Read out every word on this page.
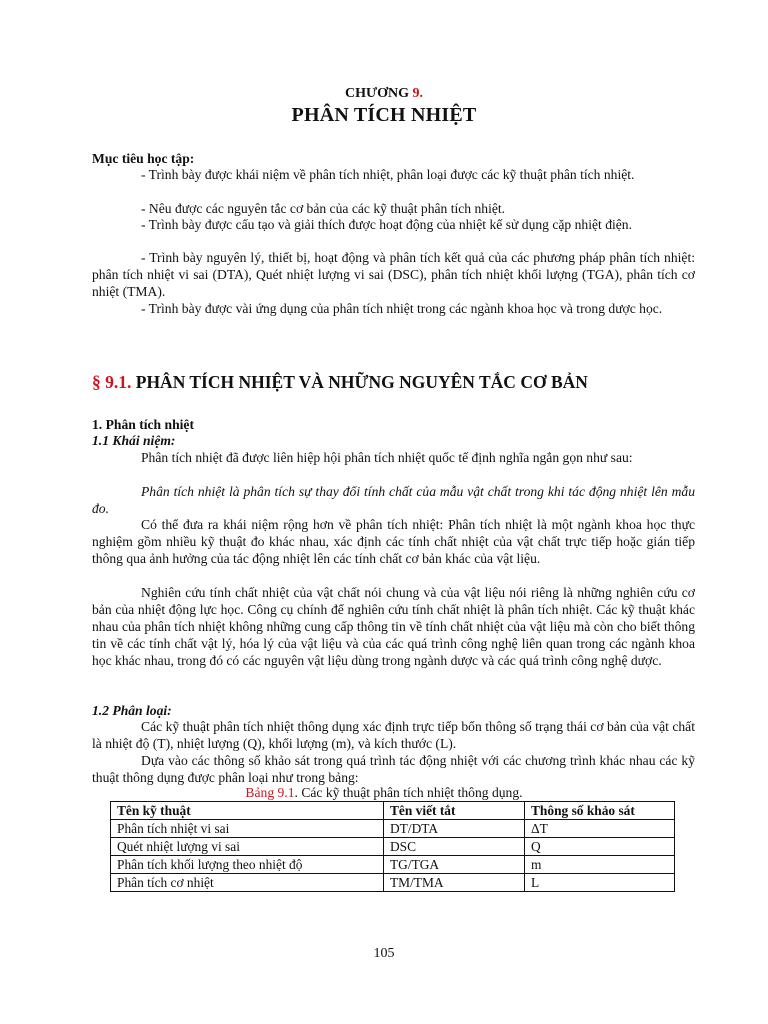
CHƯƠNG 9.
PHÂN TÍCH NHIỆT
Mục tiêu học tập:
- Trình bày được khái niệm về phân tích nhiệt, phân loại được các kỹ thuật phân tích nhiệt.
- Nêu được các nguyên tắc cơ bản của các kỹ thuật phân tích nhiệt.
- Trình bày được cấu tạo và giải thích được hoạt động của nhiệt kế sử dụng cặp nhiệt điện.
- Trình bày nguyên lý, thiết bị, hoạt động và phân tích kết quả của các phương pháp phân tích nhiệt: phân tích nhiệt vi sai (DTA), Quét nhiệt lượng vi sai (DSC), phân tích nhiệt khối lượng (TGA), phân tích cơ nhiệt (TMA).
- Trình bày được vài ứng dụng của phân tích nhiệt trong các ngành khoa học và trong dược học.
§ 9.1. PHÂN TÍCH NHIỆT VÀ NHỮNG NGUYÊN TẮC CƠ BẢN
1. Phân tích nhiệt
1.1 Khái niệm:
Phân tích nhiệt đã được liên hiệp hội phân tích nhiệt quốc tế định nghĩa ngắn gọn như sau:
Phân tích nhiệt là phân tích sự thay đổi tính chất của mẫu vật chất trong khi tác động nhiệt lên mẫu đo.
Có thể đưa ra khái niệm rộng hơn về phân tích nhiệt: Phân tích nhiệt là một ngành khoa học thực nghiệm gồm nhiều kỹ thuật đo khác nhau, xác định các tính chất nhiệt của vật chất trực tiếp hoặc gián tiếp thông qua ảnh hưởng của tác động nhiệt lên các tính chất cơ bản khác của vật liệu.
Nghiên cứu tính chất nhiệt của vật chất nói chung và của vật liệu nói riêng là những nghiên cứu cơ bản của nhiệt động lực học. Công cụ chính để nghiên cứu tính chất nhiệt là phân tích nhiệt. Các kỹ thuật khác nhau của phân tích nhiệt không những cung cấp thông tin về tính chất nhiệt của vật liệu mà còn cho biết thông tin về các tính chất vật lý, hóa lý của vật liệu và của các quá trình công nghệ liên quan trong các ngành khoa học khác nhau, trong đó có các nguyên vật liệu dùng trong ngành dược và các quá trình công nghệ dược.
1.2 Phân loại:
Các kỹ thuật phân tích nhiệt thông dụng xác định trực tiếp bốn thông số trạng thái cơ bản của vật chất là nhiệt độ (T), nhiệt lượng (Q), khối lượng (m), và kích thước (L).
Dựa vào các thông số khảo sát trong quá trình tác động nhiệt với các chương trình khác nhau các kỹ thuật thông dụng được phân loại như trong bảng:
Bảng 9.1. Các kỹ thuật phân tích nhiệt thông dụng.
Tên kỹ thuật	Tên viết tắt	Thông số khảo sát
Phân tích nhiệt vi sai	DT/DTA	ΔT
Quét nhiệt lượng vi sai	DSC	Q
Phân tích khối lượng theo nhiệt độ	TG/TGA	m
Phân tích cơ nhiệt	TM/TMA	L
105
